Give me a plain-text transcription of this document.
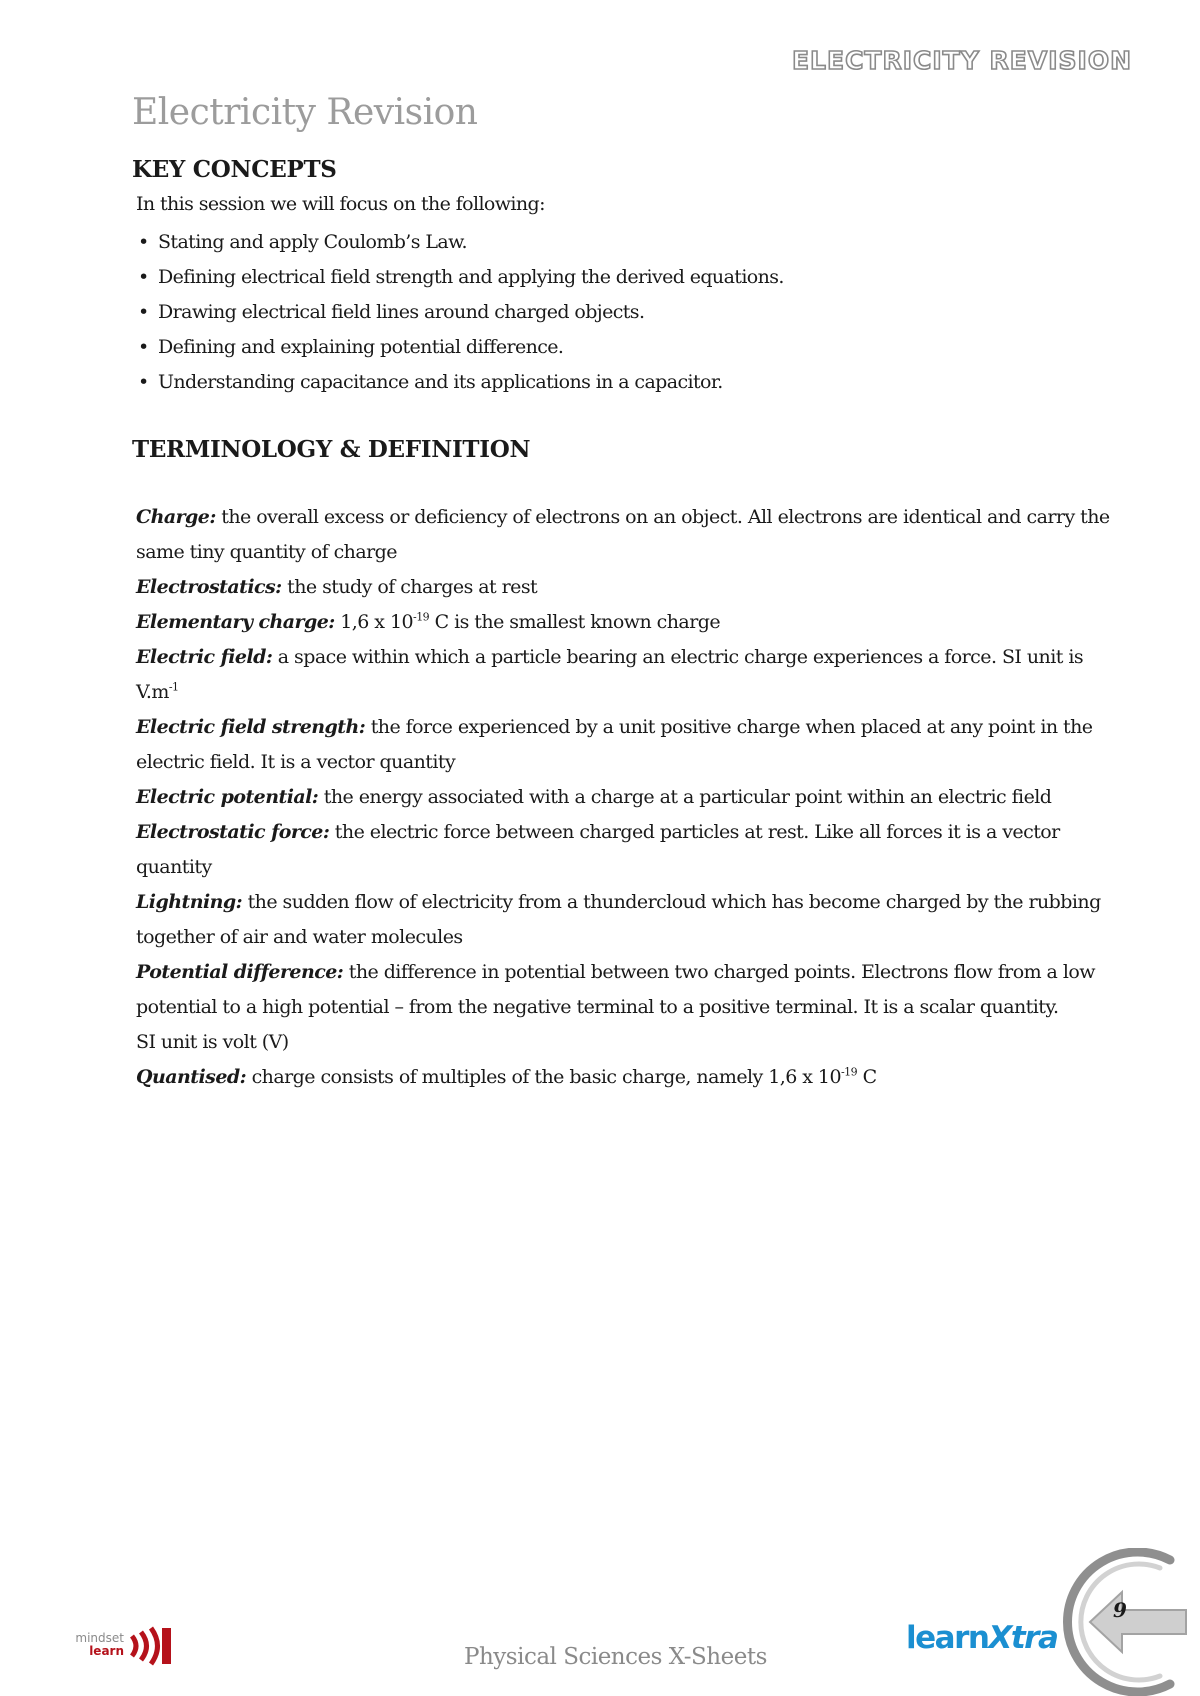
ELECTRICITY REVISION
Electricity Revision
KEY CONCEPTS

In this session we will focus on the following:

• Stating and apply Coulomb’s Law.
• Defining electrical field strength and applying the derived equations.
• Drawing electrical field lines around charged objects.
• Defining and explaining potential difference.
• Understanding capacitance and its applications in a capacitor.
TERMINOLOGY & DEFINITION

Charge: the overall excess or deficiency of electrons on an object. All electrons are identical and carry the

same tiny quantity of charge

Electrostatics: the study of charges at rest

Elementary charge: 1,6 x $10^{-19}$ C is the smallest known charge

Electric field: a space within which a particle bearing an electric charge experiences a force. SI unit is $V.m^{-1}$

Electric field strength: the force experienced by a unit positive charge when placed at any point in the

electric field. It is a vector quantity

Electric potential: the energy associated with a charge at a particular point within an electric field

Electrostatic force: the electric force between charged particles at rest. Like all forces it is a vector

quantity

Lightning: the sudden flow of electricity from a thundercloud which has become charged by the rubbing

together of air and water molecules

Potential difference: the difference in potential between two charged points. Electrons flow from a low

potential to a high potential – from the negative terminal to a positive terminal. It is a scalar quantity.

SI unit is volt (V)

Quantised: charge consists of multiples of the basic charge, namely 1,6 x $10^{-19}$ C

mindset
learn	Physical Sciences X-Sheets
learnXtra
9
